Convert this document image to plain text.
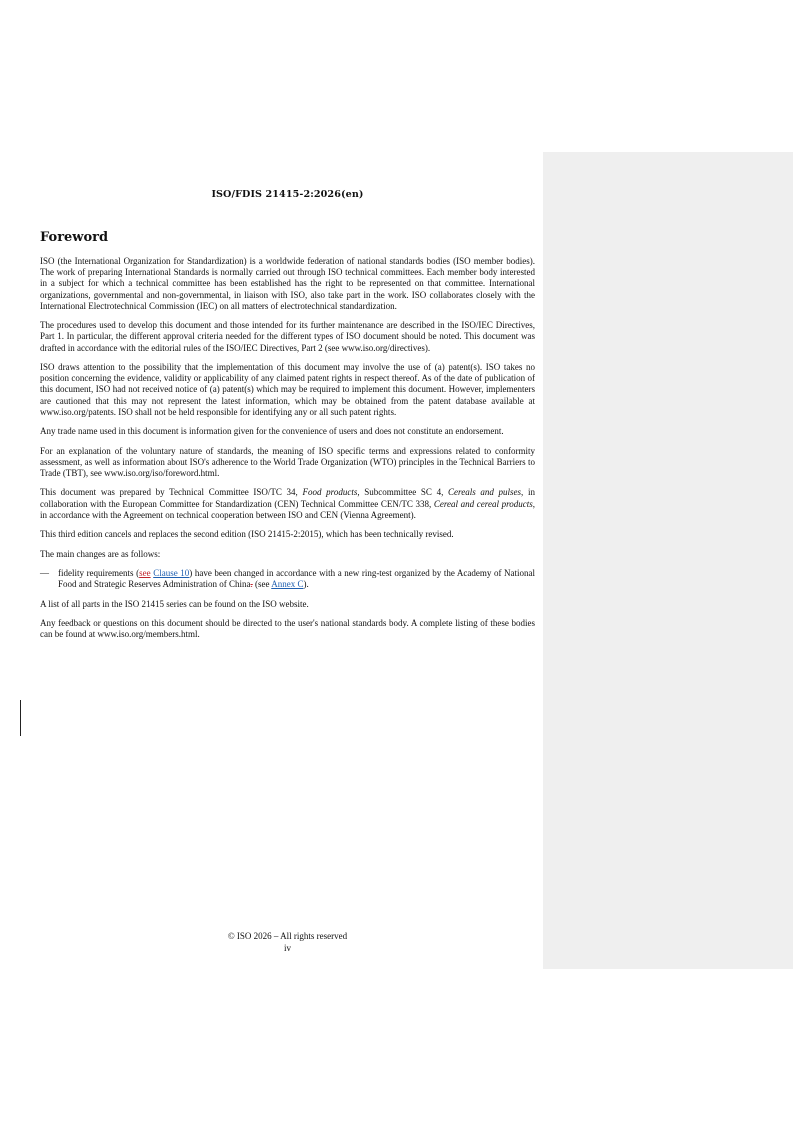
ISO/FDIS 21415-2:2026(en)
Foreword

ISO (the International Organization for Standardization) is a worldwide federation of national standards bodies (ISO member bodies). The work of preparing International Standards is normally carried out through ISO technical committees. Each member body interested in a subject for which a technical committee has been established has the right to be represented on that committee. International organizations, governmental and non-governmental, in liaison with ISO, also take part in the work. ISO collaborates closely with the International Electrotechnical Commission (IEC) on all matters of electrotechnical standardization.

The procedures used to develop this document and those intended for its further maintenance are described in the ISO/IEC Directives, Part 1. In particular, the different approval criteria needed for the different types of ISO document should be noted. This document was drafted in accordance with the editorial rules of the ISO/IEC Directives, Part 2 (see www.iso.org/directives).

ISO draws attention to the possibility that the implementation of this document may involve the use of (a) patent(s). ISO takes no position concerning the evidence, validity or applicability of any claimed patent rights in respect thereof. As of the date of publication of this document, ISO had not received notice of (a) patent(s) which may be required to implement this document. However, implementers are cautioned that this may not represent the latest information, which may be obtained from the patent database available at www.iso.org/patents. ISO shall not be held responsible for identifying any or all such patent rights.

Any trade name used in this document is information given for the convenience of users and does not constitute an endorsement.

For an explanation of the voluntary nature of standards, the meaning of ISO specific terms and expressions related to conformity assessment, as well as information about ISO's adherence to the World Trade Organization (WTO) principles in the Technical Barriers to Trade (TBT), see www.iso.org/iso/foreword.html.

This document was prepared by Technical Committee ISO/TC 34, Food products, Subcommittee SC 4, Cereals and pulses, in collaboration with the European Committee for Standardization (CEN) Technical Committee CEN/TC 338, Cereal and cereal products, in accordance with the Agreement on technical cooperation between ISO and CEN (Vienna Agreement).

This third edition cancels and replaces the second edition (ISO 21415-2:2015), which has been technically revised.

The main changes are as follows:

— fidelity requirements (see Clause 10) have been changed in accordance with a new ring-test organized by the Academy of National Food and Strategic Reserves Administration of China. (see Annex C).

A list of all parts in the ISO 21415 series can be found on the ISO website.

Any feedback or questions on this document should be directed to the user's national standards body. A complete listing of these bodies can be found at www.iso.org/members.html.

© ISO 2026 – All rights reserved
iv
